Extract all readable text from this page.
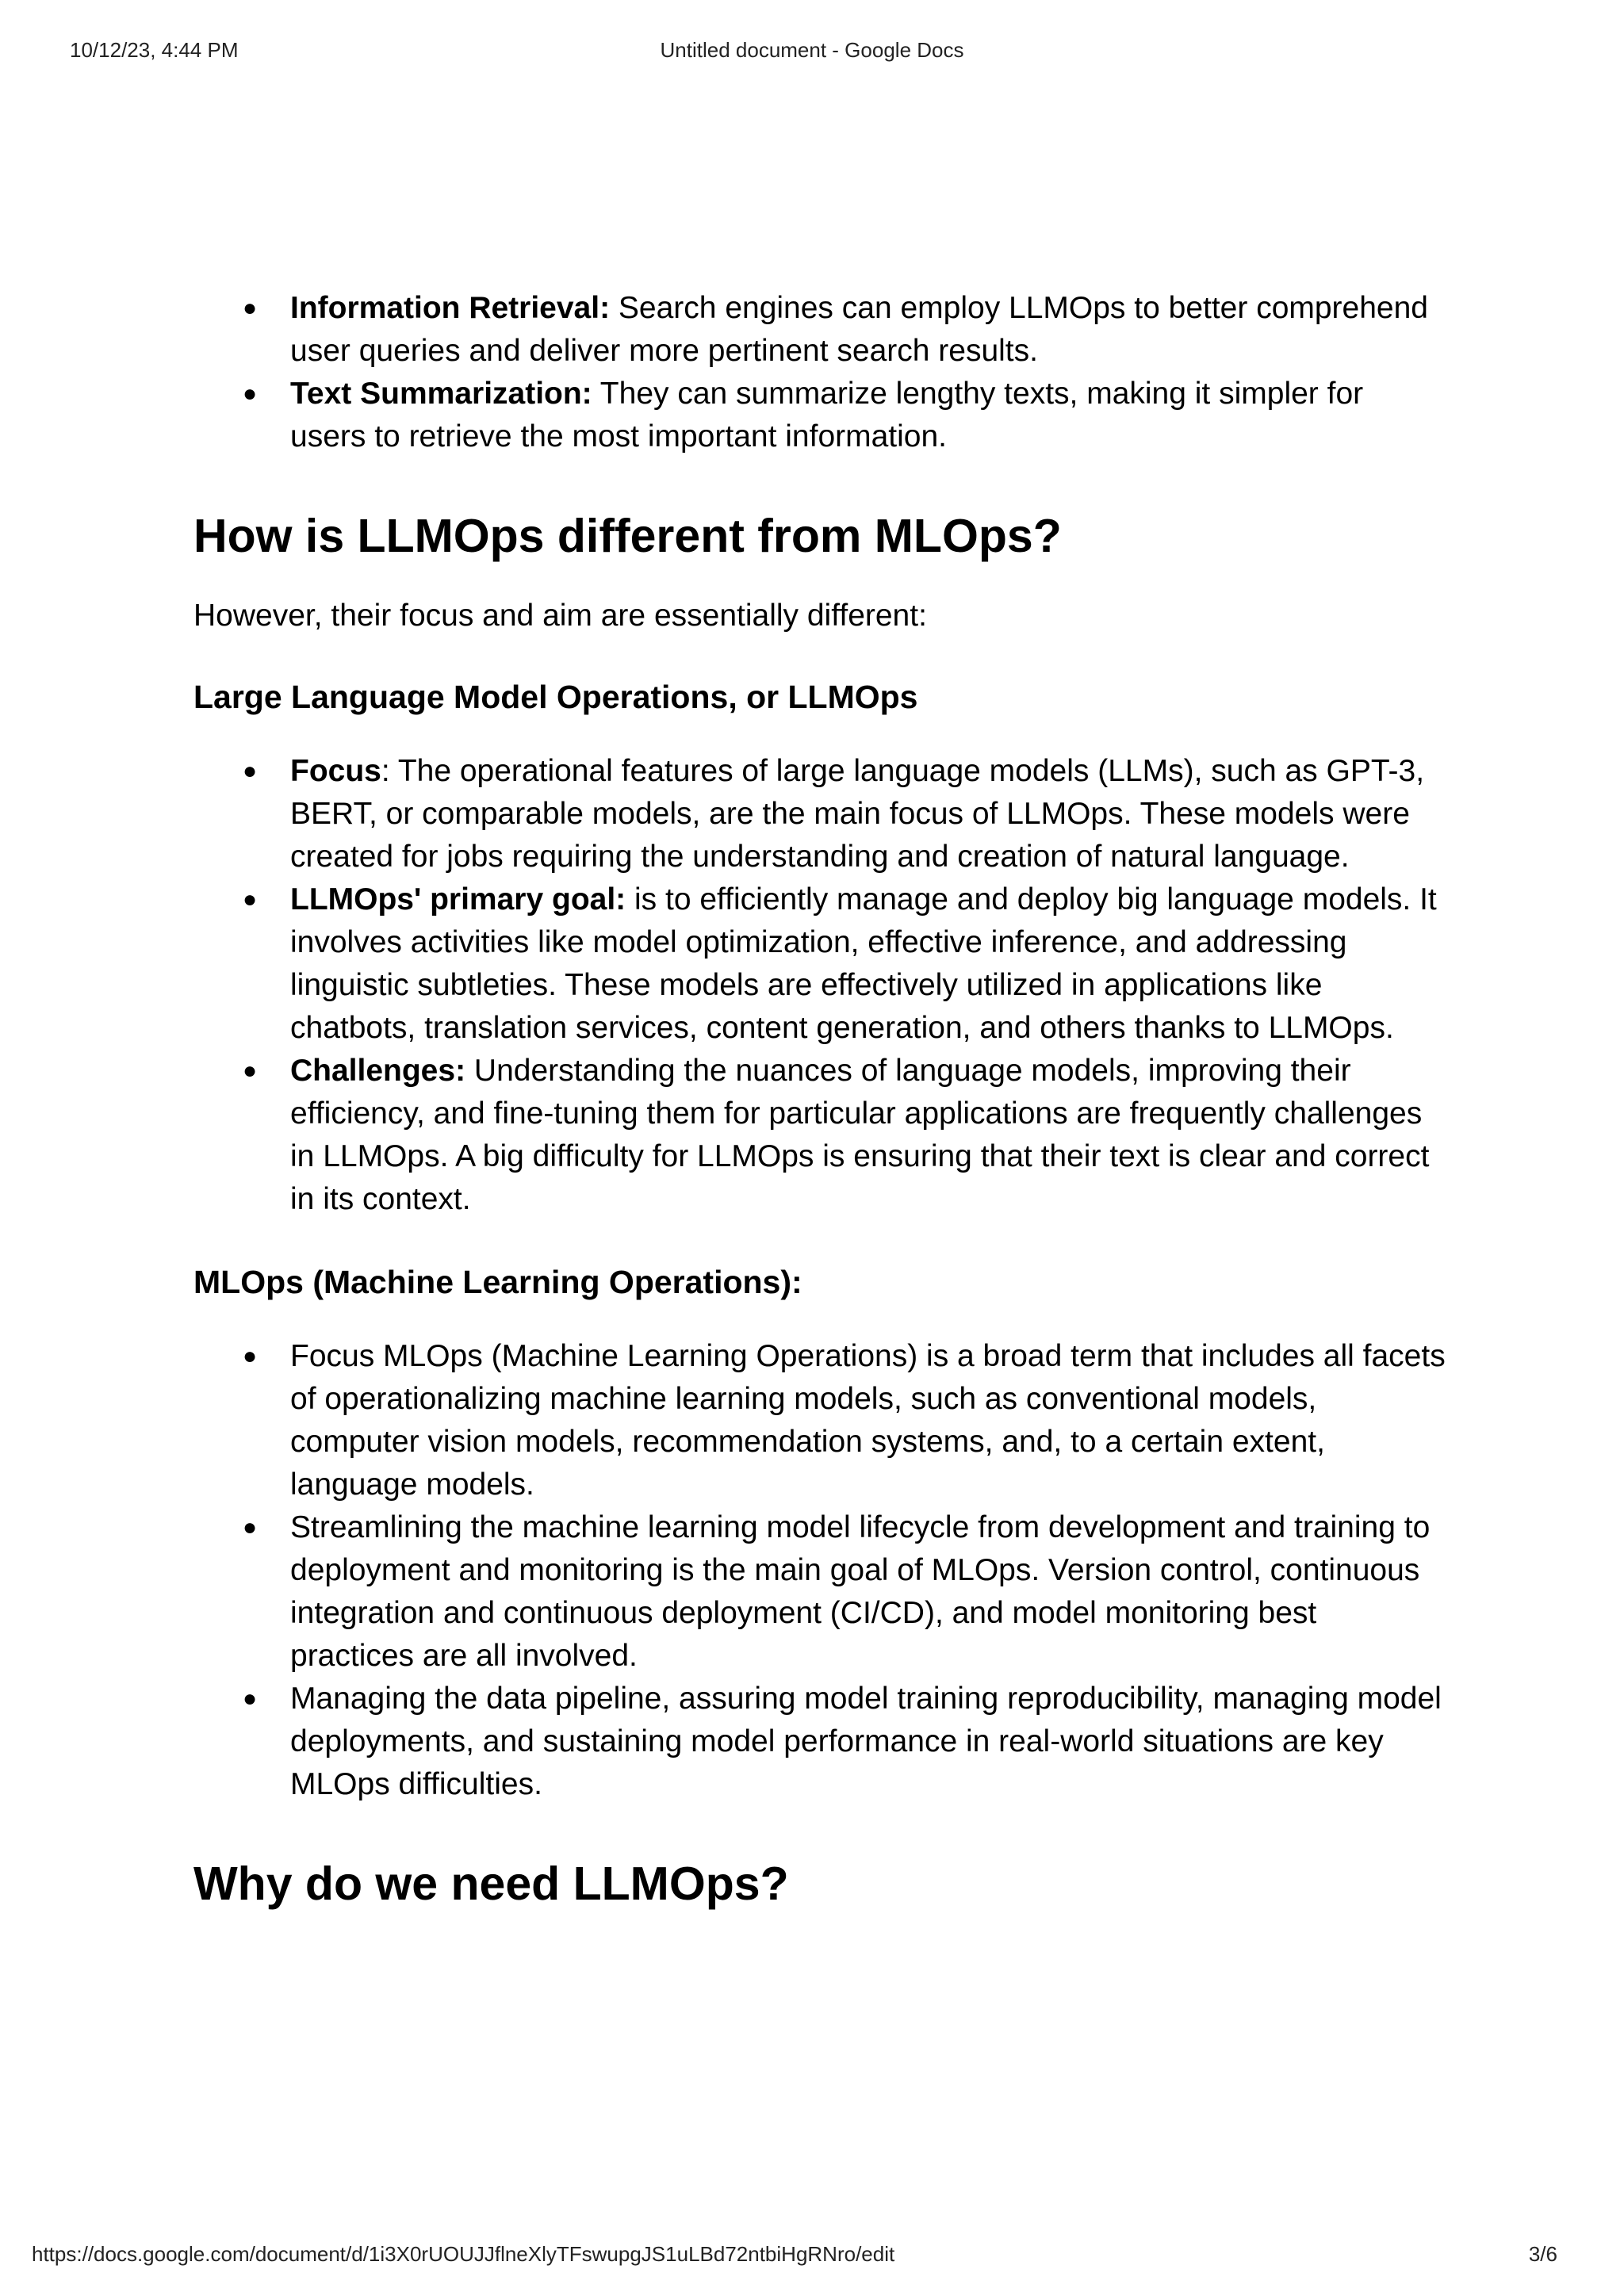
10/12/23, 4:44 PM	Untitled document - Google Docs
● Information Retrieval: Search engines can employ LLMOps to better comprehend user queries and deliver more pertinent search results.
● Text Summarization: They can summarize lengthy texts, making it simpler for users to retrieve the most important information.
How is LLMOps different from MLOps?

However, their focus and aim are essentially different:

Large Language Model Operations, or LLMOps
● Focus: The operational features of large language models (LLMs), such as GPT-3, BERT, or comparable models, are the main focus of LLMOps. These models were created for jobs requiring the understanding and creation of natural language.
● LLMOps' primary goal: is to efficiently manage and deploy big language models. It involves activities like model optimization, effective inference, and addressing linguistic subtleties. These models are effectively utilized in applications like chatbots, translation services, content generation, and others thanks to LLMOps.
● Challenges: Understanding the nuances of language models, improving their efficiency, and fine-tuning them for particular applications are frequently challenges in LLMOps. A big difficulty for LLMOps is ensuring that their text is clear and correct in its context.
MLOps (Machine Learning Operations):
● Focus MLOps (Machine Learning Operations) is a broad term that includes all facets of operationalizing machine learning models, such as conventional models, computer vision models, recommendation systems, and, to a certain extent, language models.
● Streamlining the machine learning model lifecycle from development and training to deployment and monitoring is the main goal of MLOps. Version control, continuous integration and continuous deployment (CI/CD), and model monitoring best practices are all involved.
● Managing the data pipeline, assuring model training reproducibility, managing model deployments, and sustaining model performance in real-world situations are key MLOps difficulties.
Why do we need LLMOps?
https://docs.google.com/document/d/1i3X0rUOUJJflneXlyTFswupgJS1uLBd72ntbiHgRNro/edit	3/6
